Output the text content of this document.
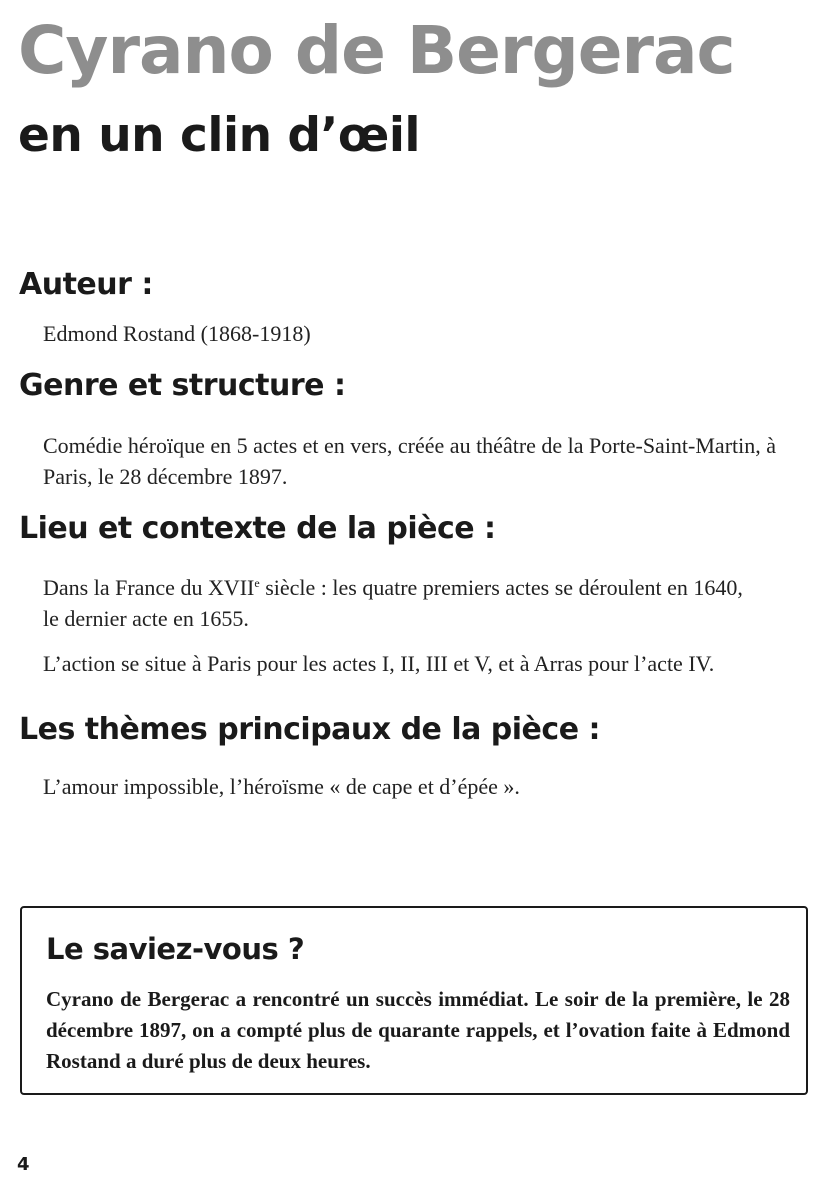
Cyrano de Bergerac
en un clin d’œil
Auteur :

Edmond Rostand (1868-1918)

Genre et structure :

Comédie héroïque en 5 actes et en vers, créée au théâtre de la Porte-Saint-Martin, à Paris, le 28 décembre 1897.

Lieu et contexte de la pièce :

Dans la France du XVIIe siècle : les quatre premiers actes se déroulent en 1640, le dernier acte en 1655.

L’action se situe à Paris pour les actes I, II, III et V, et à Arras pour l’acte IV.

Les thèmes principaux de la pièce :

L’amour impossible, l’héroïsme « de cape et d’épée ».

Le saviez-vous ?

Cyrano de Bergerac a rencontré un succès immédiat. Le soir de la première, le 28 décembre 1897, on a compté plus de quarante rappels, et l’ovation faite à Edmond Rostand a duré plus de deux heures.

4
